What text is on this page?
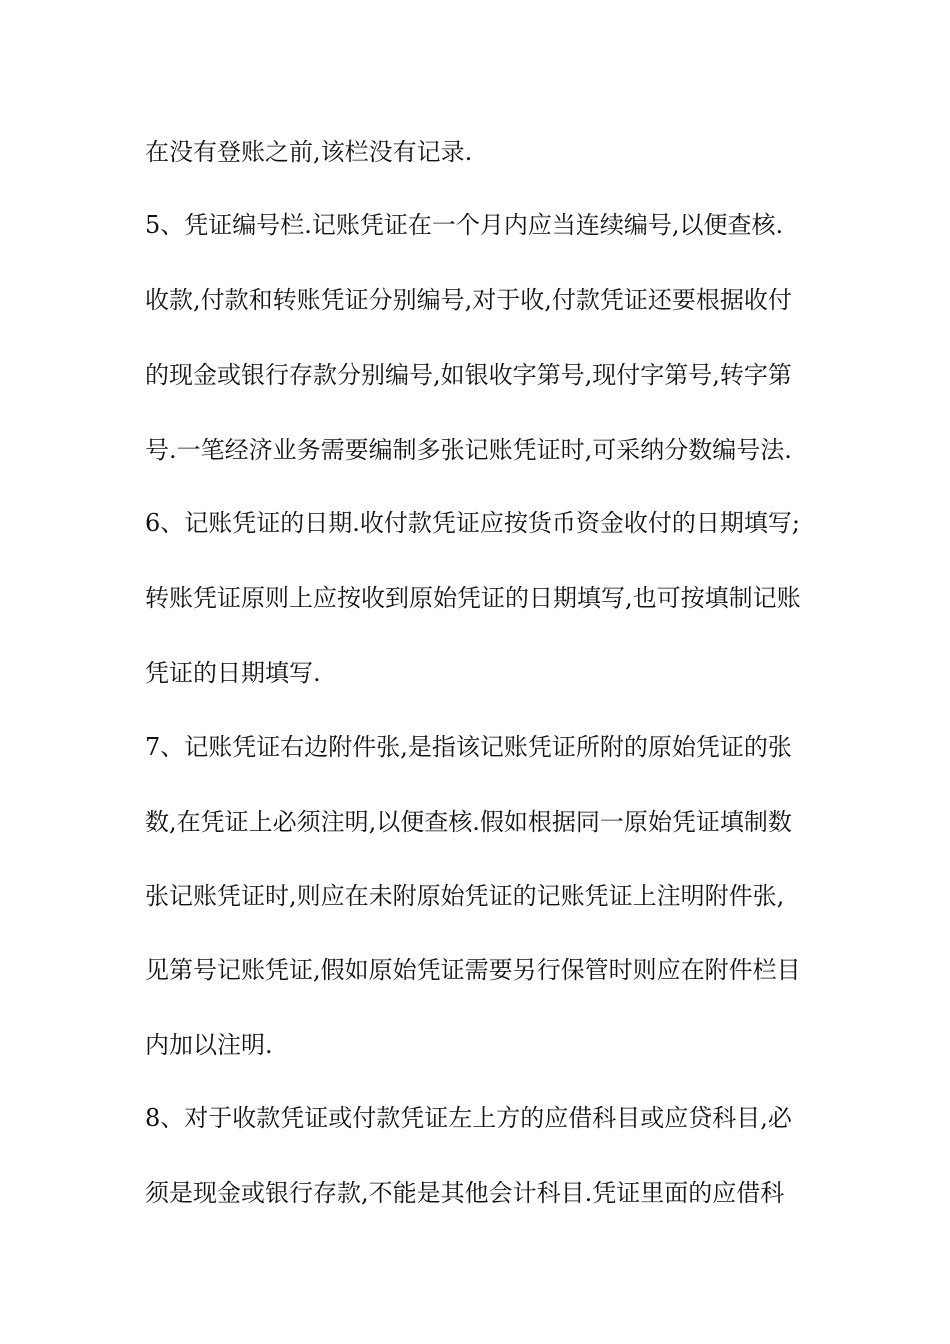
在没有登账之前,该栏没有记录.
5、凭证编号栏.记账凭证在一个月内应当连续编号,以便查核.
收款,付款和转账凭证分别编号,对于收,付款凭证还要根据收付
的现金或银行存款分别编号,如银收字第号,现付字第号,转字第
号.一笔经济业务需要编制多张记账凭证时,可采纳分数编号法.
6、记账凭证的日期.收付款凭证应按货币资金收付的日期填写;
转账凭证原则上应按收到原始凭证的日期填写,也可按填制记账
凭证的日期填写.
7、记账凭证右边附件张,是指该记账凭证所附的原始凭证的张
数,在凭证上必须注明,以便查核.假如根据同一原始凭证填制数
张记账凭证时,则应在未附原始凭证的记账凭证上注明附件张,
见第号记账凭证,假如原始凭证需要另行保管时则应在附件栏目
内加以注明.
8、对于收款凭证或付款凭证左上方的应借科目或应贷科目,必
须是现金或银行存款,不能是其他会计科目.凭证里面的应借科
